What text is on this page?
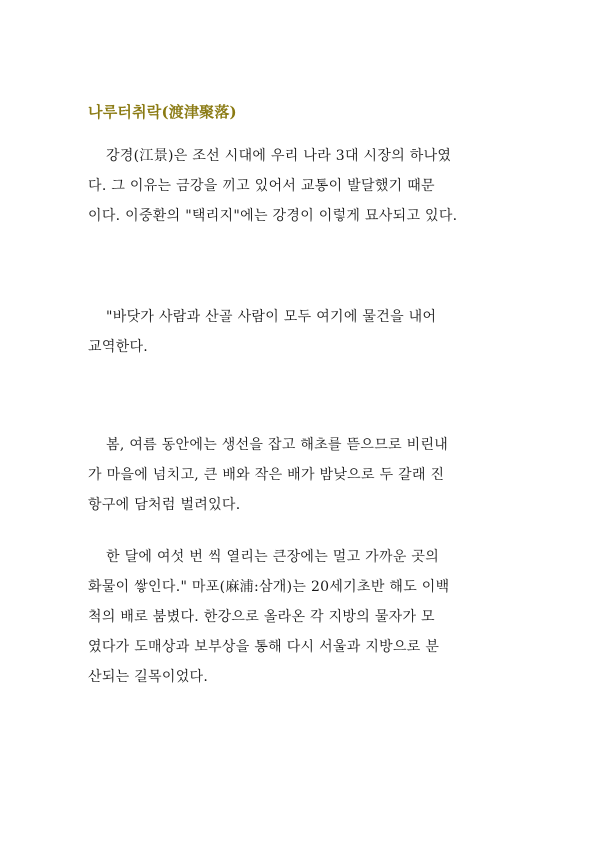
나루터취락(渡津聚落)
강경(江景)은 조선 시대에 우리 나라 3대 시장의 하나였
다. 그 이유는 금강을 끼고 있어서 교통이 발달했기 때문
이다. 이중환의 "택리지"에는 강경이 이렇게 묘사되고 있다.
"바닷가 사람과 산골 사람이 모두 여기에 물건을 내어
교역한다.
봄, 여름 동안에는 생선을 잡고 해초를 뜯으므로 비린내
가 마을에 넘치고, 큰 배와 작은 배가 밤낮으로 두 갈래 진
항구에 담처럼 벌려있다.
한 달에 여섯 번 씩 열리는 큰장에는 멀고 가까운 곳의
화물이 쌓인다." 마포(麻浦:삼개)는 20세기초반 해도 이백
척의 배로 붐볐다. 한강으로 올라온 각 지방의 물자가 모
였다가 도매상과 보부상을 통해 다시 서울과 지방으로 분
산되는 길목이었다.
